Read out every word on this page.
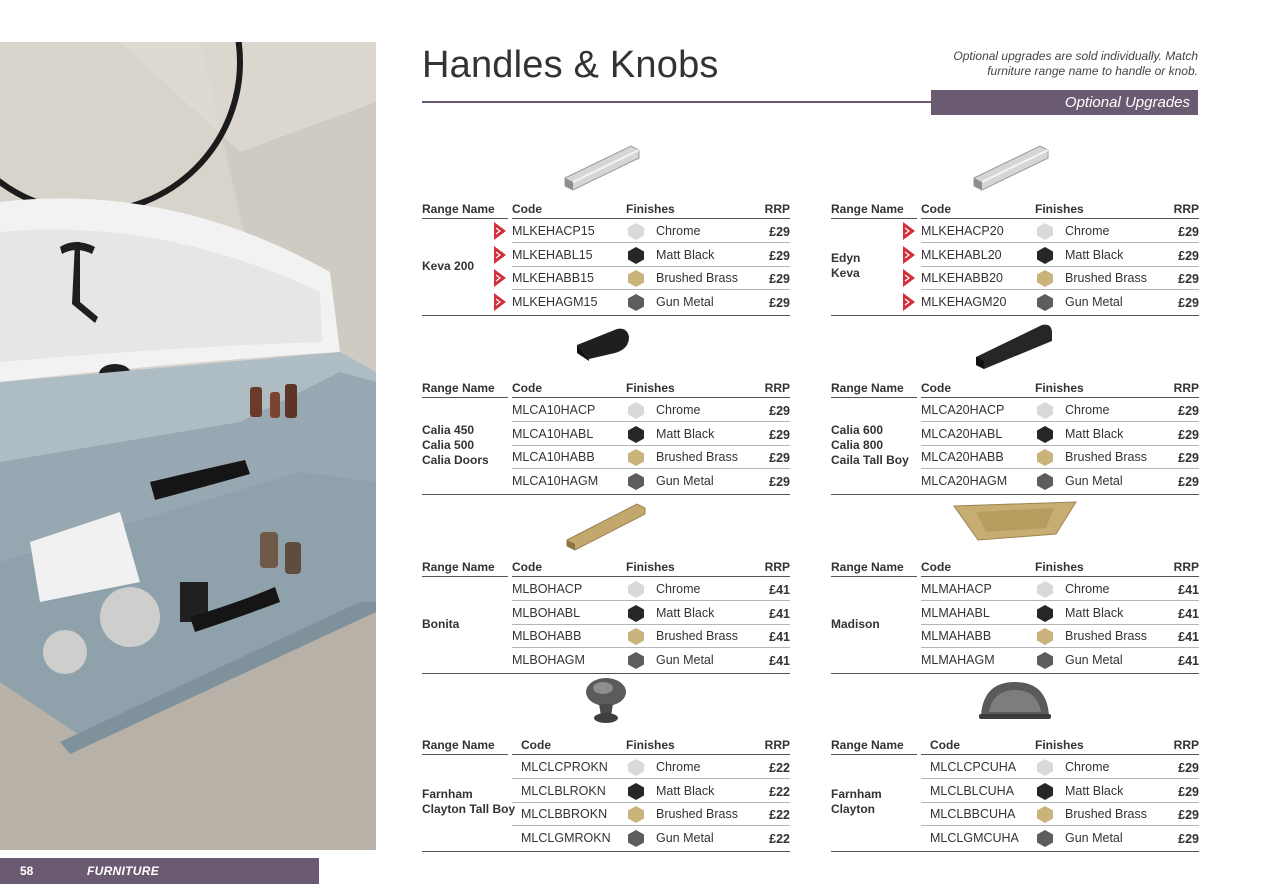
Handles & Knobs	Optional upgrades are sold individually. Match furniture range name to handle or knob.
Optional Upgrades
Range Name Code	Finishes	RRP
Keva 200
MLKEHACP15	Chrome	£29
MLKEHABL15	Matt Black	£29
MLKEHABB15	Brushed Brass £29
MLKEHAGM15	Gun Metal	£29
Range Name Code	Finishes	RRP
Edyn
Keva
MLKEHACP20	Chrome	£29
MLKEHABL20	Matt Black	£29
MLKEHABB20	Brushed Brass £29
MLKEHAGM20	Gun Metal	£29
Range Name Code	Finishes	RRP
Calia 450
Calia 500
Calia Doors
MLCA10HACP	Chrome	£29
MLCA10HABL	Matt Black	£29
MLCA10HABB	Brushed Brass £29
MLCA10HAGM	Gun Metal	£29
Range Name Code	Finishes	RRP
Calia 600
Calia 800
Caila Tall Boy
MLCA20HACP	Chrome	£29
MLCA20HABL	Matt Black	£29
MLCA20HABB	Brushed Brass £29
MLCA20HAGM	Gun Metal	£29
Range Name Code	Finishes	RRP
Bonita
MLBOHACP	Chrome	£41
MLBOHABL	Matt Black	£41
MLBOHABB	Brushed Brass £41
MLBOHAGM	Gun Metal	£41
Range Name Code	Finishes	RRP
Madison
MLMAHACP	Chrome	£41
MLMAHABL	Matt Black	£41
MLMAHABB	Brushed Brass £41
MLMAHAGM	Gun Metal	£41
Range Name Code	Finishes	RRP
Farnham
Clayton Tall Boy
MLCLCPROKN	Chrome	£22
MLCLBLROKN	Matt Black	£22
MLCLBBROKN	Brushed Brass £22
MLCLGMROKN	Gun Metal	£22
Range Name Code	Finishes	RRP
Farnham
Clayton
MLCLCPCUHA	Chrome	£29
MLCLBLCUHA	Matt Black	£29
MLCLBBCUHA	Brushed Brass £29
MLCLGMCUHA	Gun Metal	£29
58	FURNITURE
